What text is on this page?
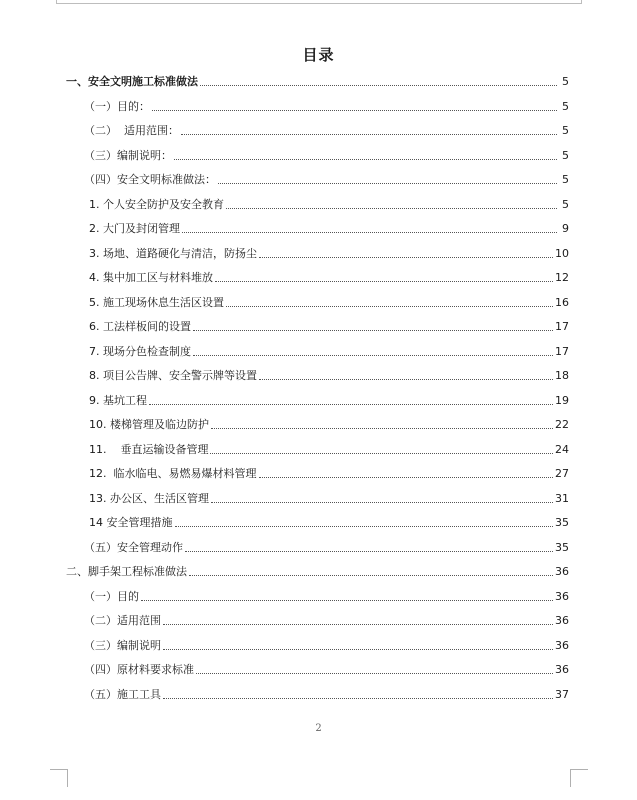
目录
一、安全文明施工标准做法	5
（一）目的：	5
（二）  适用范围：	5
（三）编制说明：	5
（四）安全文明标准做法：	5
1. 个人安全防护及安全教育	5
2. 大门及封闭管理	9
3. 场地、道路硬化与清洁，防扬尘	10
4. 集中加工区与材料堆放	12
5. 施工现场休息生活区设置	16
6. 工法样板间的设置	17
7. 现场分色检查制度	17
8. 项目公告牌、安全警示牌等设置	18
9. 基坑工程	19
10. 楼梯管理及临边防护	22
11.    垂直运输设备管理	24
12.  临水临电、易燃易爆材料管理	27
13. 办公区、生活区管理	31
14 安全管理措施	35
（五）安全管理动作	35
二、脚手架工程标准做法	36
（一）目的	36
（二）适用范围	36
（三）编制说明	36
（四）原材料要求标准	36
（五）施工工具	37
2
